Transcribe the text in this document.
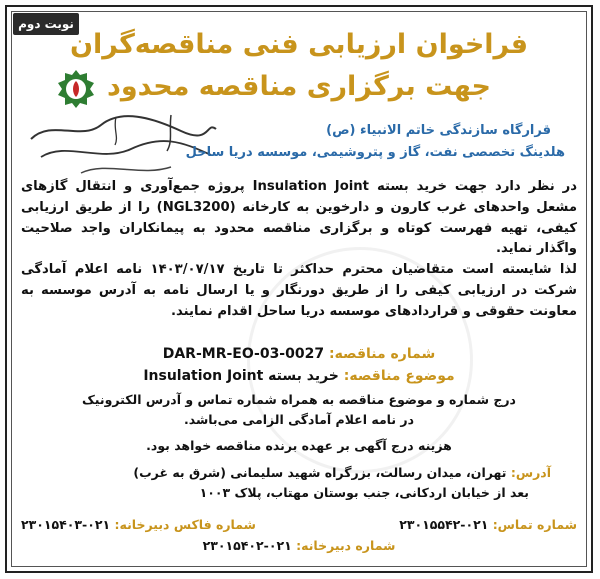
نوبت دوم
فراخوان ارزیابی فنی مناقصه‌گران
جهت برگزاری مناقصه محدود
قرارگاه سازندگی خاتم الانبیاء (ص)
هلدینگ تخصصی نفت، گاز و پتروشیمی، موسسه دریا ساحل

در نظر دارد جهت خرید بسته Insulation Joint پروژه جمع‌آوری و انتقال گازهای مشعل واحدهای غرب کارون و دارخوین به کارخانه (NGL3200) را از طریق ارزیابی کیفی، تهیه فهرست کوتاه و برگزاری مناقصه محدود به پیمانکاران واجد صلاحیت واگذار نماید.

لذا شایسته است متقاضیان محترم حداکثر تا تاریخ ۱۴۰۳/۰۷/۱۷ نامه اعلام آمادگی شرکت در ارزیابی کیفی را از طریق دورنگار و یا ارسال نامه به آدرس موسسه به معاونت حقوقی و قراردادهای موسسه دریا ساحل اقدام نمایند.

شماره مناقصه: DAR-MR-EO-03-0027
موضوع مناقصه: خرید بسته Insulation Joint
درج شماره و موضوع مناقصه به همراه شماره تماس و آدرس الکترونیک
در نامه اعلام آمادگی الزامی می‌باشد.
هزینه درج آگهی بر عهده برنده مناقصه خواهد بود.
آدرس: تهران، میدان رسالت، بزرگراه شهید سلیمانی (شرق به غرب)
بعد از خیابان اردکانی، جنب بوستان مهتاب، پلاک ۱۰۰۳
شماره تماس: ۰۲۱-۲۳۰۱۵۵۴۲
شماره فاکس دبیرخانه: ۰۲۱-۲۳۰۱۵۴۰۳
شماره دبیرخانه: ۰۲۱-۲۳۰۱۵۴۰۲
